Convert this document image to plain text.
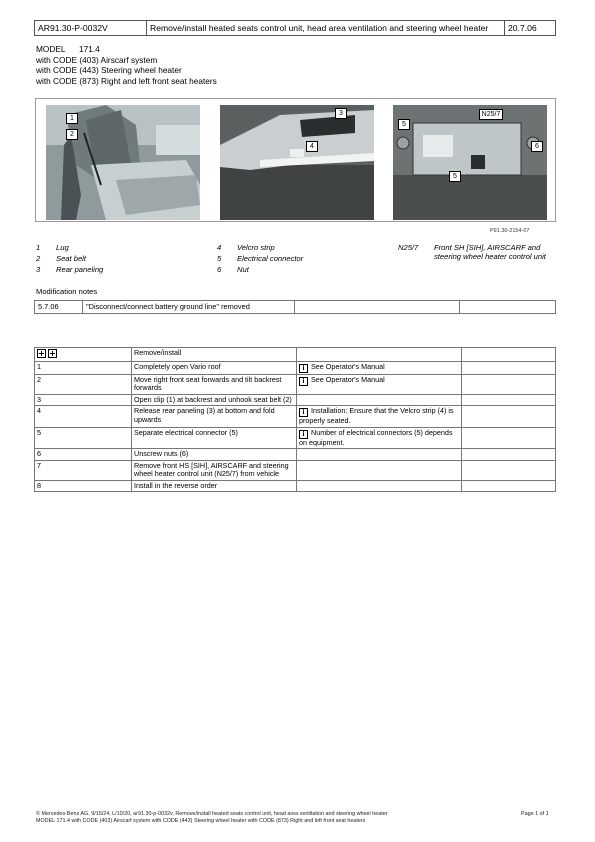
AR91.30-P-0032V	Remove/install heated seats control unit, head area ventilation and steering wheel heater	20.7.06
MODEL      171.4
with CODE (403) Airscarf system
with CODE (443) Steering wheel heater
with CODE (873) Right and left front seat heaters
1
2
3
4
N25/7
5
6
5
P91.30-2154-07
1 Lug
2 Seat belt
3 Rear paneling
4 Velcro strip
5 Electrical connector
6 Nut
N25/7 Front SH [SIH], AIRSCARF and steering wheel heater control unit
Modification notes
5.7.06	"Disconnect/connect battery ground line" removed		
	Remove/install		
1	Completely open Vario roof	i See Operator's Manual	
2	Move right front seat forwards and tilt backrest forwards	i See Operator's Manual	
3	Open clip (1) at backrest and unhook seat belt (2)		
4	Release rear paneling (3) at bottom and fold upwards	i Installation: Ensure that the Velcro strip (4) is properly seated.	
5	Separate electrical connector (5)	i Number of electrical connectors (5) depends on equipment.	
6	Unscrew nuts (6)		
7	Remove front HS [SIH], AIRSCARF and steering wheel heater control unit (N25/7) from vehicle		
8	Install in the reverse order		
© Mercedes-Benz AG, 9/15/24, L/10/20, ar91.30-p-0032v, Remove/install heated seats control unit, head area ventilation and steering wheel heater
MODEL 171.4 with CODE (403) Airscarf system with CODE (443) Steering wheel heater with CODE (873) Right and left front seat heaters
Page 1 of 1
